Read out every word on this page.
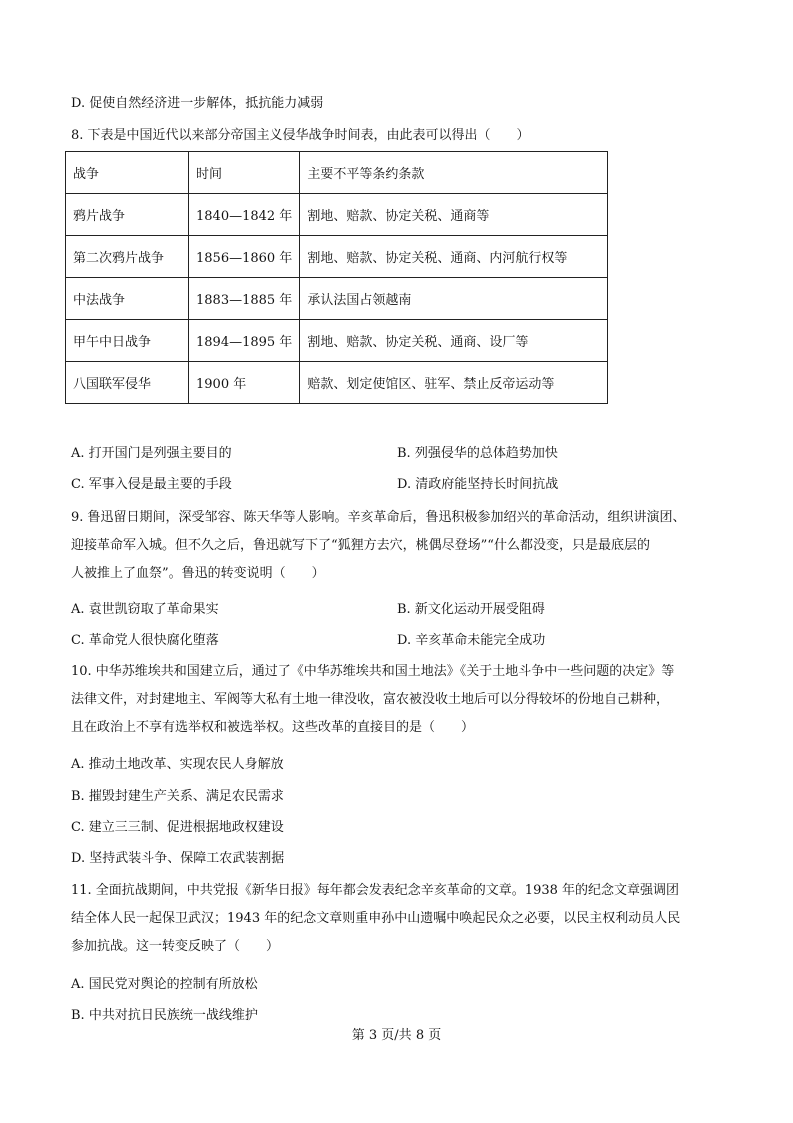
D. 促使自然经济进一步解体，抵抗能力减弱
8. 下表是中国近代以来部分帝国主义侵华战争时间表，由此表可以得出（　　）
战争	时间	主要不平等条约条款
鸦片战争	1840—1842 年	割地、赔款、协定关税、通商等
第二次鸦片战争	1856—1860 年	割地、赔款、协定关税、通商、内河航行权等
中法战争	1883—1885 年	承认法国占领越南
甲午中日战争	1894—1895 年	割地、赔款、协定关税、通商、设厂等
八国联军侵华	1900 年	赔款、划定使馆区、驻军、禁止反帝运动等
A. 打开国门是列强主要目的	B. 列强侵华的总体趋势加快
C. 军事入侵是最主要的手段	D. 清政府能坚持长时间抗战
9. 鲁迅留日期间，深受邹容、陈天华等人影响。辛亥革命后，鲁迅积极参加绍兴的革命活动，组织讲演团、
迎接革命军入城。但不久之后，鲁迅就写下了“狐狸方去穴，桃偶尽登场”“什么都没变，只是最底层的
人被推上了血祭”。鲁迅的转变说明（　　）
A. 袁世凯窃取了革命果实	B. 新文化运动开展受阻碍
C. 革命党人很快腐化堕落	D. 辛亥革命未能完全成功
10. 中华苏维埃共和国建立后，通过了《中华苏维埃共和国土地法》《关于土地斗争中一些问题的决定》等
法律文件，对封建地主、军阀等大私有土地一律没收，富农被没收土地后可以分得较坏的份地自己耕种，
且在政治上不享有选举权和被选举权。这些改革的直接目的是（　　）
A. 推动土地改革、实现农民人身解放
B. 摧毁封建生产关系、满足农民需求
C. 建立三三制、促进根据地政权建设
D. 坚持武装斗争、保障工农武装割据
11. 全面抗战期间，中共党报《新华日报》每年都会发表纪念辛亥革命的文章。1938 年的纪念文章强调团
结全体人民一起保卫武汉；1943 年的纪念文章则重申孙中山遗嘱中唤起民众之必要，以民主权利动员人民
参加抗战。这一转变反映了（　　）
A. 国民党对舆论的控制有所放松
B. 中共对抗日民族统一战线维护
第 3 页/共 8 页
